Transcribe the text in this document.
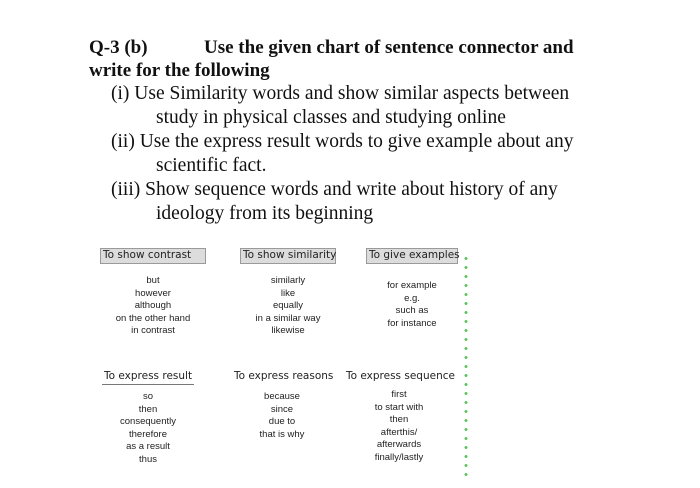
Q-3 (b)	Use the given chart of sentence connector and
write for the following
(i) Use Similarity words and show similar aspects between
study in physical classes and studying online
(ii) Use the express result words to give example about any
scientific fact.
(iii) Show sequence words and write about history of any
ideology from its beginning
To show contrast
but
however
although
on the other hand
in contrast
To show similarity
similarly
like
equally
in a similar way
likewise
To give examples
for example
e.g.
such as
for instance
To express result
so
then
consequently
therefore
as a result
thus
To express reasons
because
since
due to
that is why
To express sequence
first
to start with
then
afterthis/
afterwards
finally/lastly
